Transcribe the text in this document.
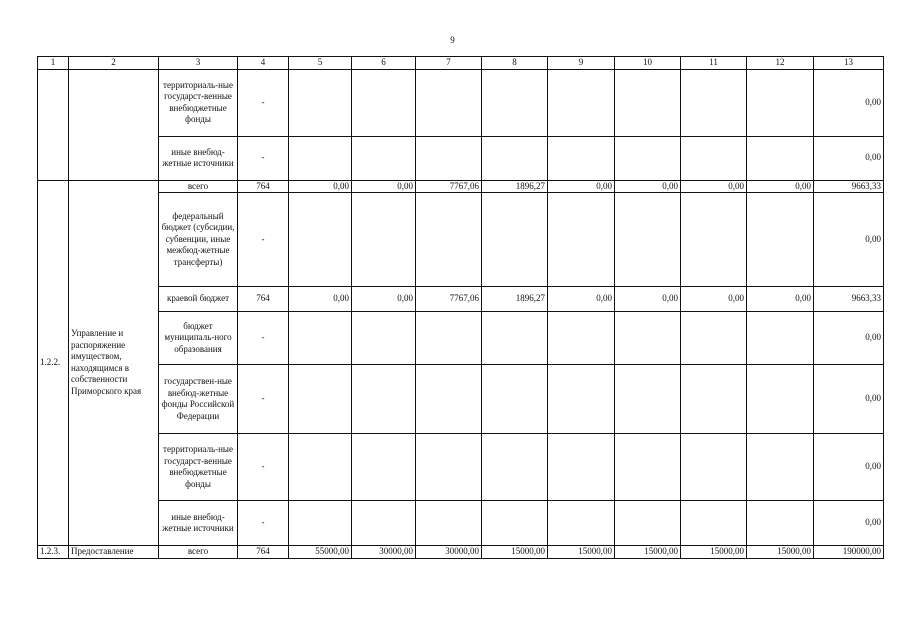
9
1	2	3	4	5	6	7	8	9	10	11	12	13
		территориаль-ные государст-венные внебюджетные фонды	-									0,00
		иные внебюд-жетные источники	-									0,00
1.2.2.	Управление и распоряжение имуществом, находящимся в собственности Приморского края	всего	764	0,00	0,00	7767,06	1896,27	0,00	0,00	0,00	0,00	9663,33
		федеральный бюджет (субсидии, субвенции, иные межбюд-жетные трансферты)	-									0,00
		краевой бюджет	764	0,00	0,00	7767,06	1896,27	0,00	0,00	0,00	0,00	9663,33
		бюджет муниципаль-ного образования	-									0,00
		государствен-ные внебюд-жетные фонды Российской Федерации	-									0,00
		территориаль-ные государст-венные внебюджетные фонды	-									0,00
		иные внебюд-жетные источники	-									0,00
1.2.3.	Предоставление	всего	764	55000,00	30000,00	30000,00	15000,00	15000,00	15000,00	15000,00	15000,00	190000,00
